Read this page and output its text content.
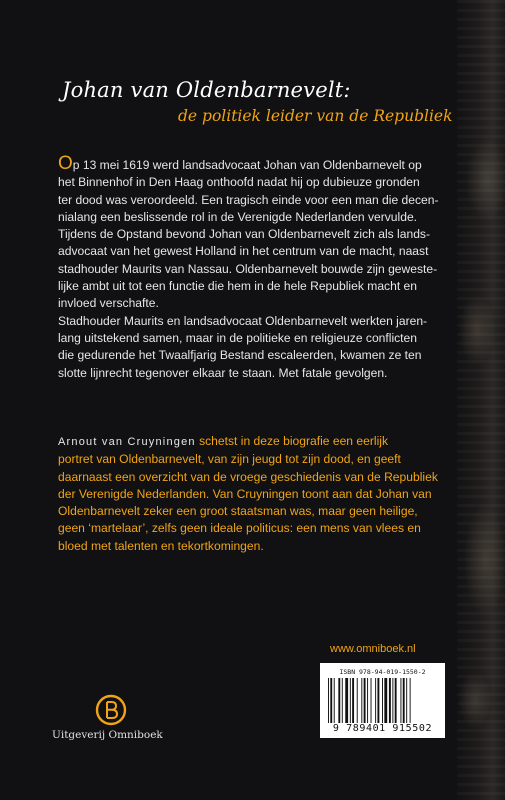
Johan van Oldenbarnevelt:
de politiek leider van de Republiek

Op 13 mei 1619 werd landsadvocaat Johan van Oldenbarnevelt op
het Binnenhof in Den Haag onthoofd nadat hij op dubieuze gronden
ter dood was veroordeeld. Een tragisch einde voor een man die decen-
nialang een beslissende rol in de Verenigde Nederlanden vervulde.
Tijdens de Opstand bevond Johan van Oldenbarnevelt zich als lands-
advocaat van het gewest Holland in het centrum van de macht, naast
stadhouder Maurits van Nassau. Oldenbarnevelt bouwde zijn gewestе-
lijke ambt uit tot een functie die hem in de hele Republiek macht en
invloed verschafte.
Stadhouder Maurits en landsadvocaat Oldenbarnevelt werkten jaren-
lang uitstekend samen, maar in de politieke en religieuze conflicten
die gedurende het Twaalfjarig Bestand escaleerden, kwamen ze ten
slotte lijnrecht tegenover elkaar te staan. Met fatale gevolgen.

Arnout van Cruyningen schetst in deze biografie een eerlijk
portret van Oldenbarnevelt, van zijn jeugd tot zijn dood, en geeft
daarnaast een overzicht van de vroege geschiedenis van de Republiek
der Verenigde Nederlanden. Van Cruyningen toont aan dat Johan van
Oldenbarnevelt zeker een groot staatsman was, maar geen heilige,
geen ‘martelaar’, zelfs geen ideale politicus: een mens van vlees en
bloed met talenten en tekortkomingen.

www.omniboek.nl
ISBN 978-94-019-1550-2
9 789401 915502
Uitgeverij Omniboek
